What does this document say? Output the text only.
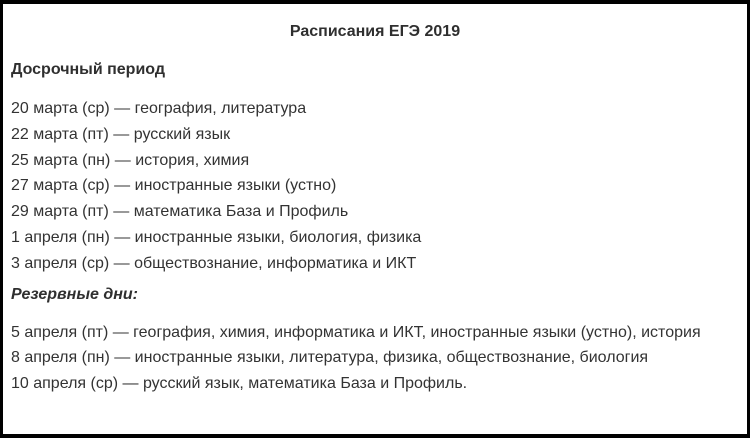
Расписания ЕГЭ 2019
Досрочный период
20 марта (ср) — география, литература
22 марта (пт) — русский язык
25 марта (пн) — история, химия
27 марта (ср) — иностранные языки (устно)
29 марта (пт) — математика База и Профиль
1 апреля (пн) — иностранные языки, биология, физика
3 апреля (ср) — обществознание, информатика и ИКТ
Резервные дни:
5 апреля (пт) — география, химия, информатика и ИКТ, иностранные языки (устно), история
8 апреля (пн) — иностранные языки, литература, физика, обществознание, биология
10 апреля (ср) — русский язык, математика База и Профиль.
